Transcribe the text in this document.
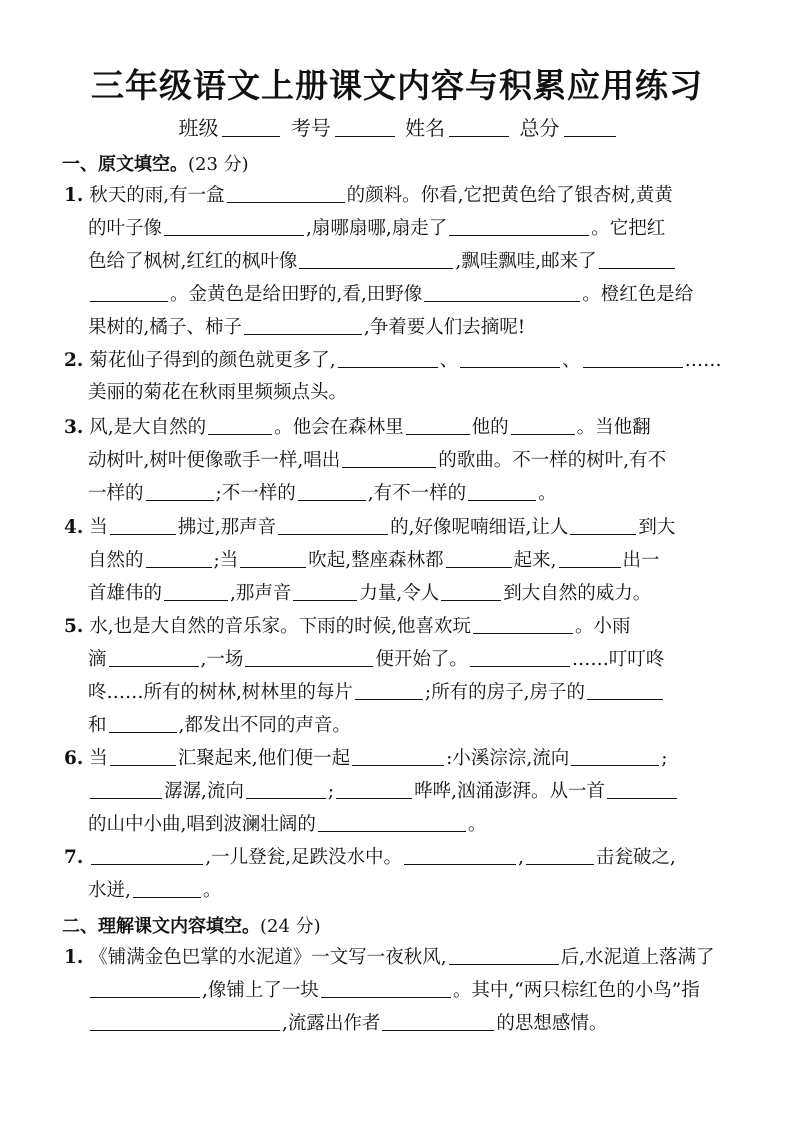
三年级语文上册课文内容与积累应用练习
班级	考号	姓名	总分
一、原文填空。(23 分)
1. 秋天的雨,有一盒	的颜料。你看,它把黄色给了银杏树,黄黄
的叶子像	,扇哪扇哪,扇走了	。它把红
色给了枫树,红红的枫叶像	,飘哇飘哇,邮来了
。金黄色是给田野的,看,田野像	。橙红色是给
果树的,橘子、柿子	,争着要人们去摘呢!
2. 菊花仙子得到的颜色就更多了,	、	、	……
美丽的菊花在秋雨里频频点头。
3. 风,是大自然的	。他会在森林里	他的	。当他翻
动树叶,树叶便像歌手一样,唱出	的歌曲。不一样的树叶,有不
一样的	;不一样的	,有不一样的	。
4. 当	拂过,那声音	的,好像呢喃细语,让人	到大
自然的	;当	吹起,整座森林都	起来,	出一
首雄伟的	,那声音	力量,令人	到大自然的威力。
5. 水,也是大自然的音乐家。下雨的时候,他喜欢玩	。小雨
滴	,一场	便开始了。	……叮叮咚
咚……所有的树林,树林里的每片	;所有的房子,房子的
和	,都发出不同的声音。
6. 当	汇聚起来,他们便一起	:小溪淙淙,流向	;
潺潺,流向	;	哗哗,汹涌澎湃。从一首
的山中小曲,唱到波澜壮阔的	。
7.	,一儿登瓮,足跌没水中。	,	击瓮破之,
水迸,	。
二、理解课文内容填空。(24 分)
1. 《铺满金色巴掌的水泥道》一文写一夜秋风,	后,水泥道上落满了
,像铺上了一块	。其中,“两只棕红色的小鸟”指
,流露出作者	的思想感情。
